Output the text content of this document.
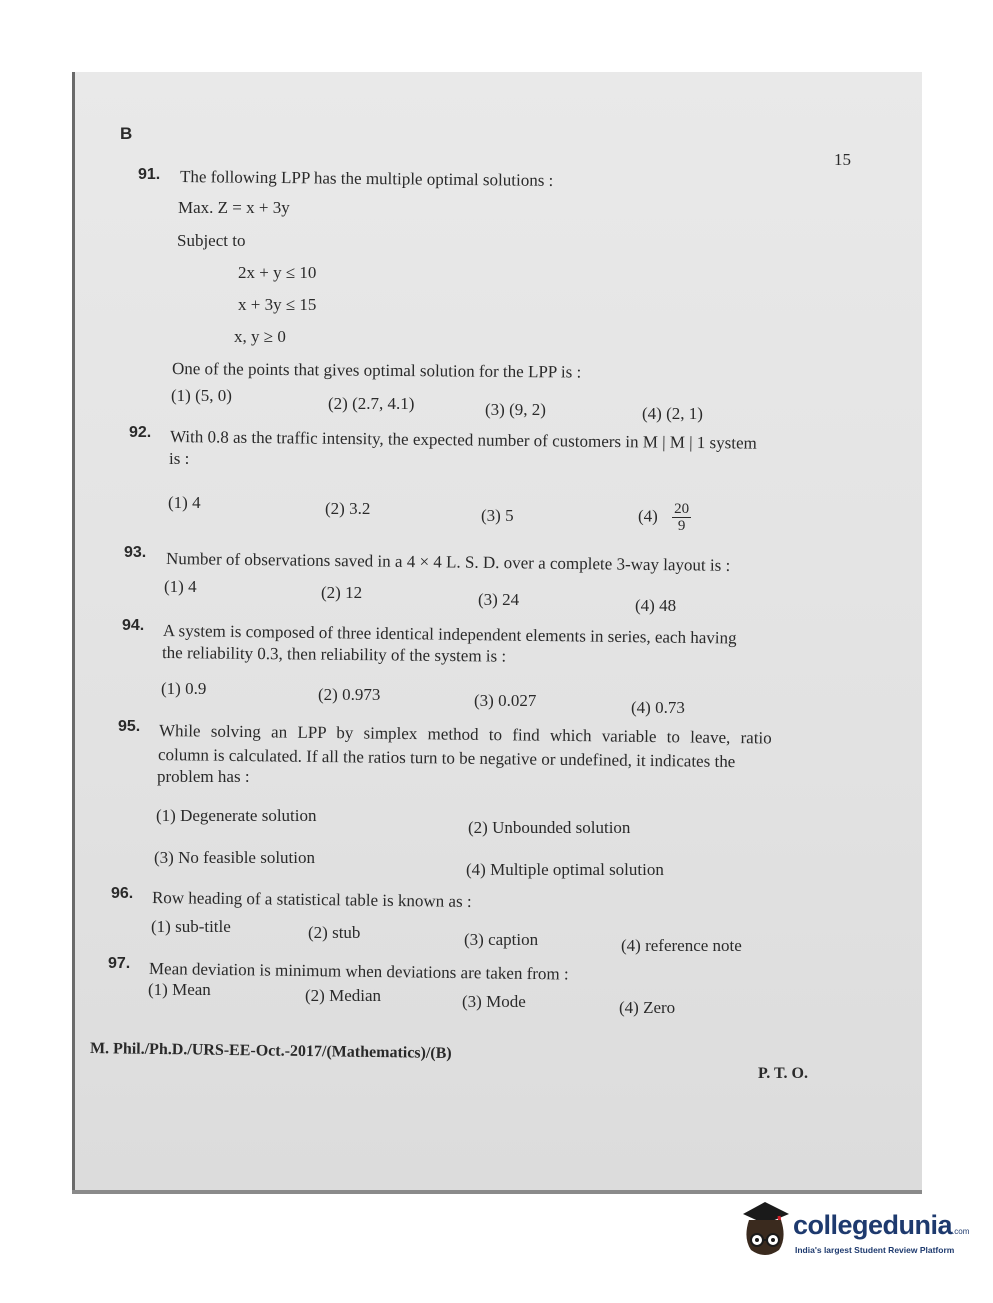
B
15
91. The following LPP has the multiple optimal solutions :
Max. Z = x + 3y
Subject to
2x + y ≤ 10
x + 3y ≤ 15
x, y ≥ 0
One of the points that gives optimal solution for the LPP is :
(1) (5, 0)	(2) (2.7, 4.1)	(3) (9, 2)	(4) (2, 1)
92. With 0.8 as the traffic intensity, the expected number of customers in M | M | 1 system
is :
(1) 4	(2) 3.2	(3) 5	$(4) \frac{20}{9}$
93. Number of observations saved in a 4 × 4 L. S. D. over a complete 3-way layout is :
(1) 4	(2) 12	(3) 24	(4) 48
94. A system is composed of three identical independent elements in series, each having
the reliability 0.3, then reliability of the system is :
(1) 0.9	(2) 0.973	(3) 0.027	(4) 0.73
95. While solving an LPP by simplex method to find which variable to leave, ratio
column is calculated. If all the ratios turn to be negative or undefined, it indicates the
problem has :
(1) Degenerate solution
(2) Unbounded solution
(3) No feasible solution
(4) Multiple optimal solution
96. Row heading of a statistical table is known as :
(1) sub-title	(2) stub	(3) caption	(4) reference note
97. Mean deviation is minimum when deviations are taken from :
(1) Mean	(2) Median	(3) Mode	(4) Zero
M. Phil./Ph.D./URS-EE-Oct.-2017/(Mathematics)/(B)
P. T. O.
collegedunia.com
India's largest Student Review Platform
